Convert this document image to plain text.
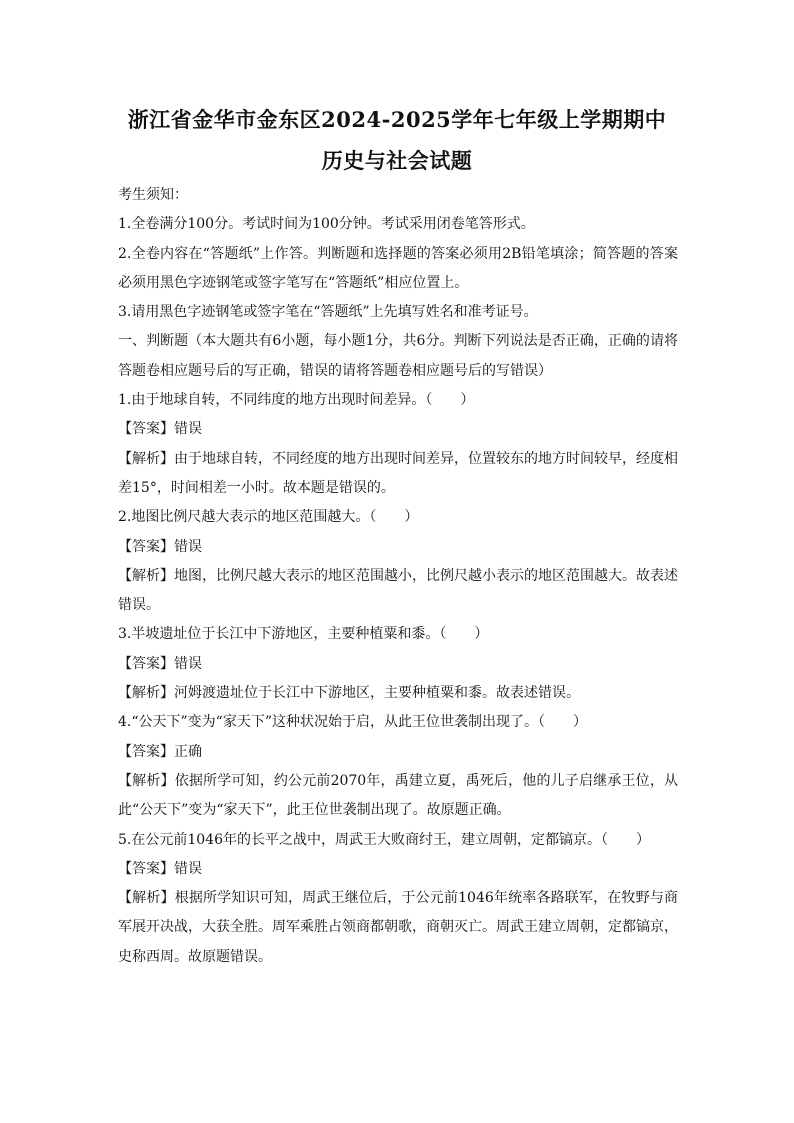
浙江省金华市金东区2024-2025学年七年级上学期期中
历史与社会试题

考生须知：

1.全卷满分100分。考试时间为100分钟。考试采用闭卷笔答形式。

2.全卷内容在“答题纸”上作答。判断题和选择题的答案必须用2B铅笔填涂；简答题的答案必须用黑色字迹钢笔或签字笔写在“答题纸”相应位置上。

3.请用黑色字迹钢笔或签字笔在“答题纸”上先填写姓名和准考证号。

一、判断题（本大题共有6小题，每小题1分，共6分。判断下列说法是否正确，正确的请将答题卷相应题号后的写正确，错误的请将答题卷相应题号后的写错误）

1.由于地球自转，不同纬度的地方出现时间差异。（　　）

【答案】错误

【解析】由于地球自转，不同经度的地方出现时间差异，位置较东的地方时间较早，经度相差15°，时间相差一小时。故本题是错误的。

2.地图比例尺越大表示的地区范围越大。（　　）

【答案】错误

【解析】地图，比例尺越大表示的地区范围越小，比例尺越小表示的地区范围越大。故表述错误。

3.半坡遗址位于长江中下游地区，主要种植粟和黍。（　　）

【答案】错误

【解析】河姆渡遗址位于长江中下游地区，主要种植粟和黍。故表述错误。

4.“公天下”变为“家天下”这种状况始于启，从此王位世袭制出现了。（　　）

【答案】正确

【解析】依据所学可知，约公元前2070年，禹建立夏，禹死后，他的儿子启继承王位，从此“公天下”变为“家天下”，此王位世袭制出现了。故原题正确。

5.在公元前1046年的长平之战中，周武王大败商纣王，建立周朝，定都镐京。（　　）

【答案】错误

【解析】根据所学知识可知，周武王继位后，于公元前1046年统率各路联军，在牧野与商军展开决战，大获全胜。周军乘胜占领商都朝歌，商朝灭亡。周武王建立周朝，定都镐京，史称西周。故原题错误。
